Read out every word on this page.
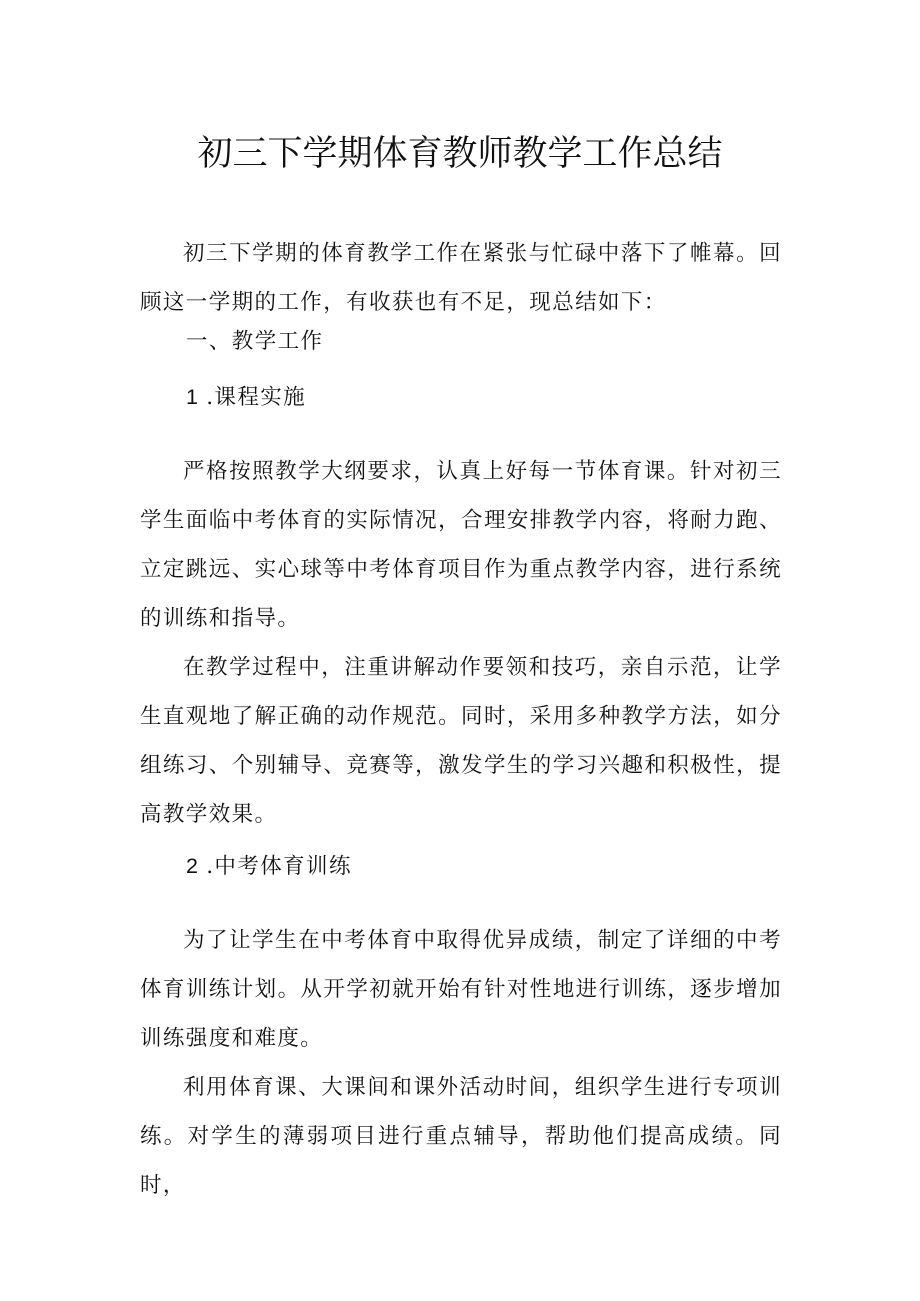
初三下学期体育教师教学工作总结

初三下学期的体育教学工作在紧张与忙碌中落下了帷幕。回顾这一学期的工作，有收获也有不足，现总结如下：

一、教学工作
1 .课程实施

严格按照教学大纲要求，认真上好每一节体育课。针对初三学生面临中考体育的实际情况，合理安排教学内容，将耐力跑、立定跳远、实心球等中考体育项目作为重点教学内容，进行系统的训练和指导。

在教学过程中，注重讲解动作要领和技巧，亲自示范，让学生直观地了解正确的动作规范。同时，采用多种教学方法，如分组练习、个别辅导、竞赛等，激发学生的学习兴趣和积极性，提高教学效果。

2 .中考体育训练

为了让学生在中考体育中取得优异成绩，制定了详细的中考体育训练计划。从开学初就开始有针对性地进行训练，逐步增加训练强度和难度。

利用体育课、大课间和课外活动时间，组织学生进行专项训练。对学生的薄弱项目进行重点辅导，帮助他们提高成绩。同时，
